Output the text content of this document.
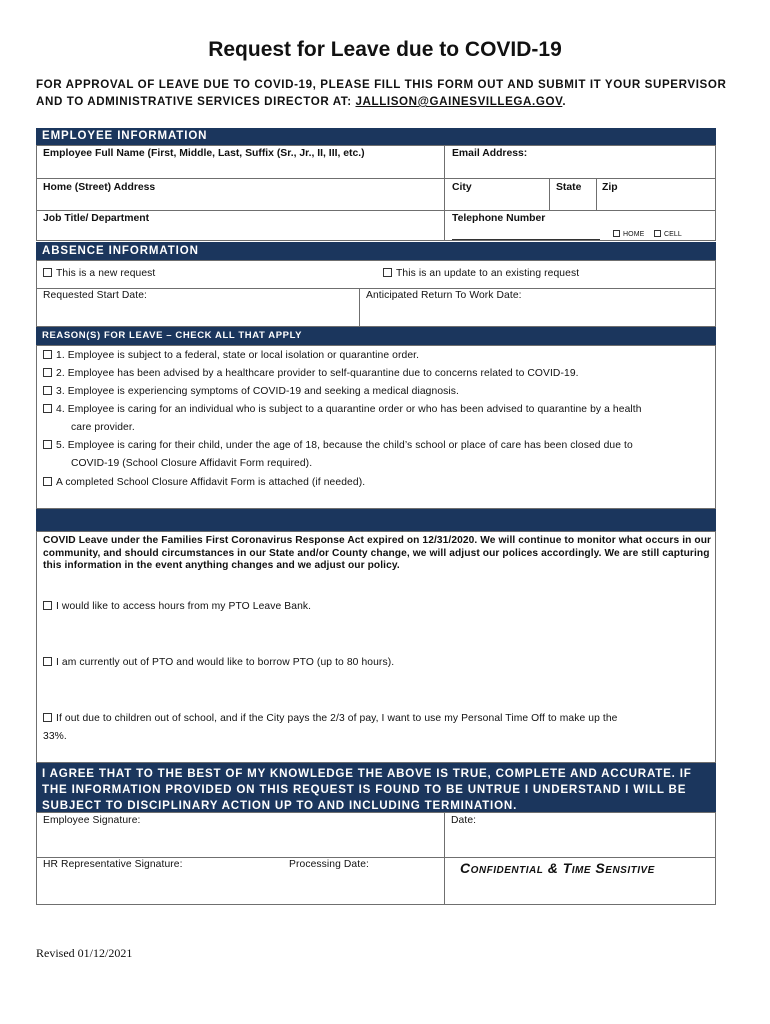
Request for Leave due to COVID-19
FOR APPROVAL OF LEAVE DUE TO COVID-19, PLEASE FILL THIS FORM OUT AND SUBMIT IT YOUR SUPERVISOR AND TO ADMINISTRATIVE SERVICES DIRECTOR AT: JALLISON@GAINESVILLEGA.GOV.
EMPLOYEE INFORMATION
Employee Full Name (First, Middle, Last, Suffix (Sr., Jr., II, III, etc.)	Email Address:
Home (Street) Address	City	State Zip
Job Title/ Department	Telephone Number
HOME	CELL
ABSENCE INFORMATION
This is a new request	This is an update to an existing request
Requested Start Date:	Anticipated Return To Work Date:
REASON(S) FOR LEAVE – CHECK ALL THAT APPLY
1. Employee is subject to a federal, state or local isolation or quarantine order.
2. Employee has been advised by a healthcare provider to self-quarantine due to concerns related to COVID-19.
3. Employee is experiencing symptoms of COVID-19 and seeking a medical diagnosis.
4. Employee is caring for an individual who is subject to a quarantine order or who has been advised to quarantine by a health
care provider.
5. Employee is caring for their child, under the age of 18, because the child’s school or place of care has been closed due to
COVID-19 (School Closure Affidavit Form required).
A completed School Closure Affidavit Form is attached (if needed).
COVID Leave under the Families First Coronavirus Response Act expired on 12/31/2020. We will continue to monitor what occurs in our community, and should circumstances in our State and/or County change, we will adjust our polices accordingly. We are still capturing this information in the event anything changes and we adjust our policy.
I would like to access hours from my PTO Leave Bank.
I am currently out of PTO and would like to borrow PTO (up to 80 hours).
If out due to children out of school, and if the City pays the 2/3 of pay, I want to use my Personal Time Off to make up the
33%.
I AGREE THAT TO THE BEST OF MY KNOWLEDGE THE ABOVE IS TRUE, COMPLETE AND ACCURATE. IF THE INFORMATION PROVIDED ON THIS REQUEST IS FOUND TO BE UNTRUE I UNDERSTAND I WILL BE SUBJECT TO DISCIPLINARY ACTION UP TO AND INCLUDING TERMINATION.
Employee Signature:	Date:
HR Representative Signature:	Processing Date:	Confidential & Time Sensitive
Revised 01/12/2021
